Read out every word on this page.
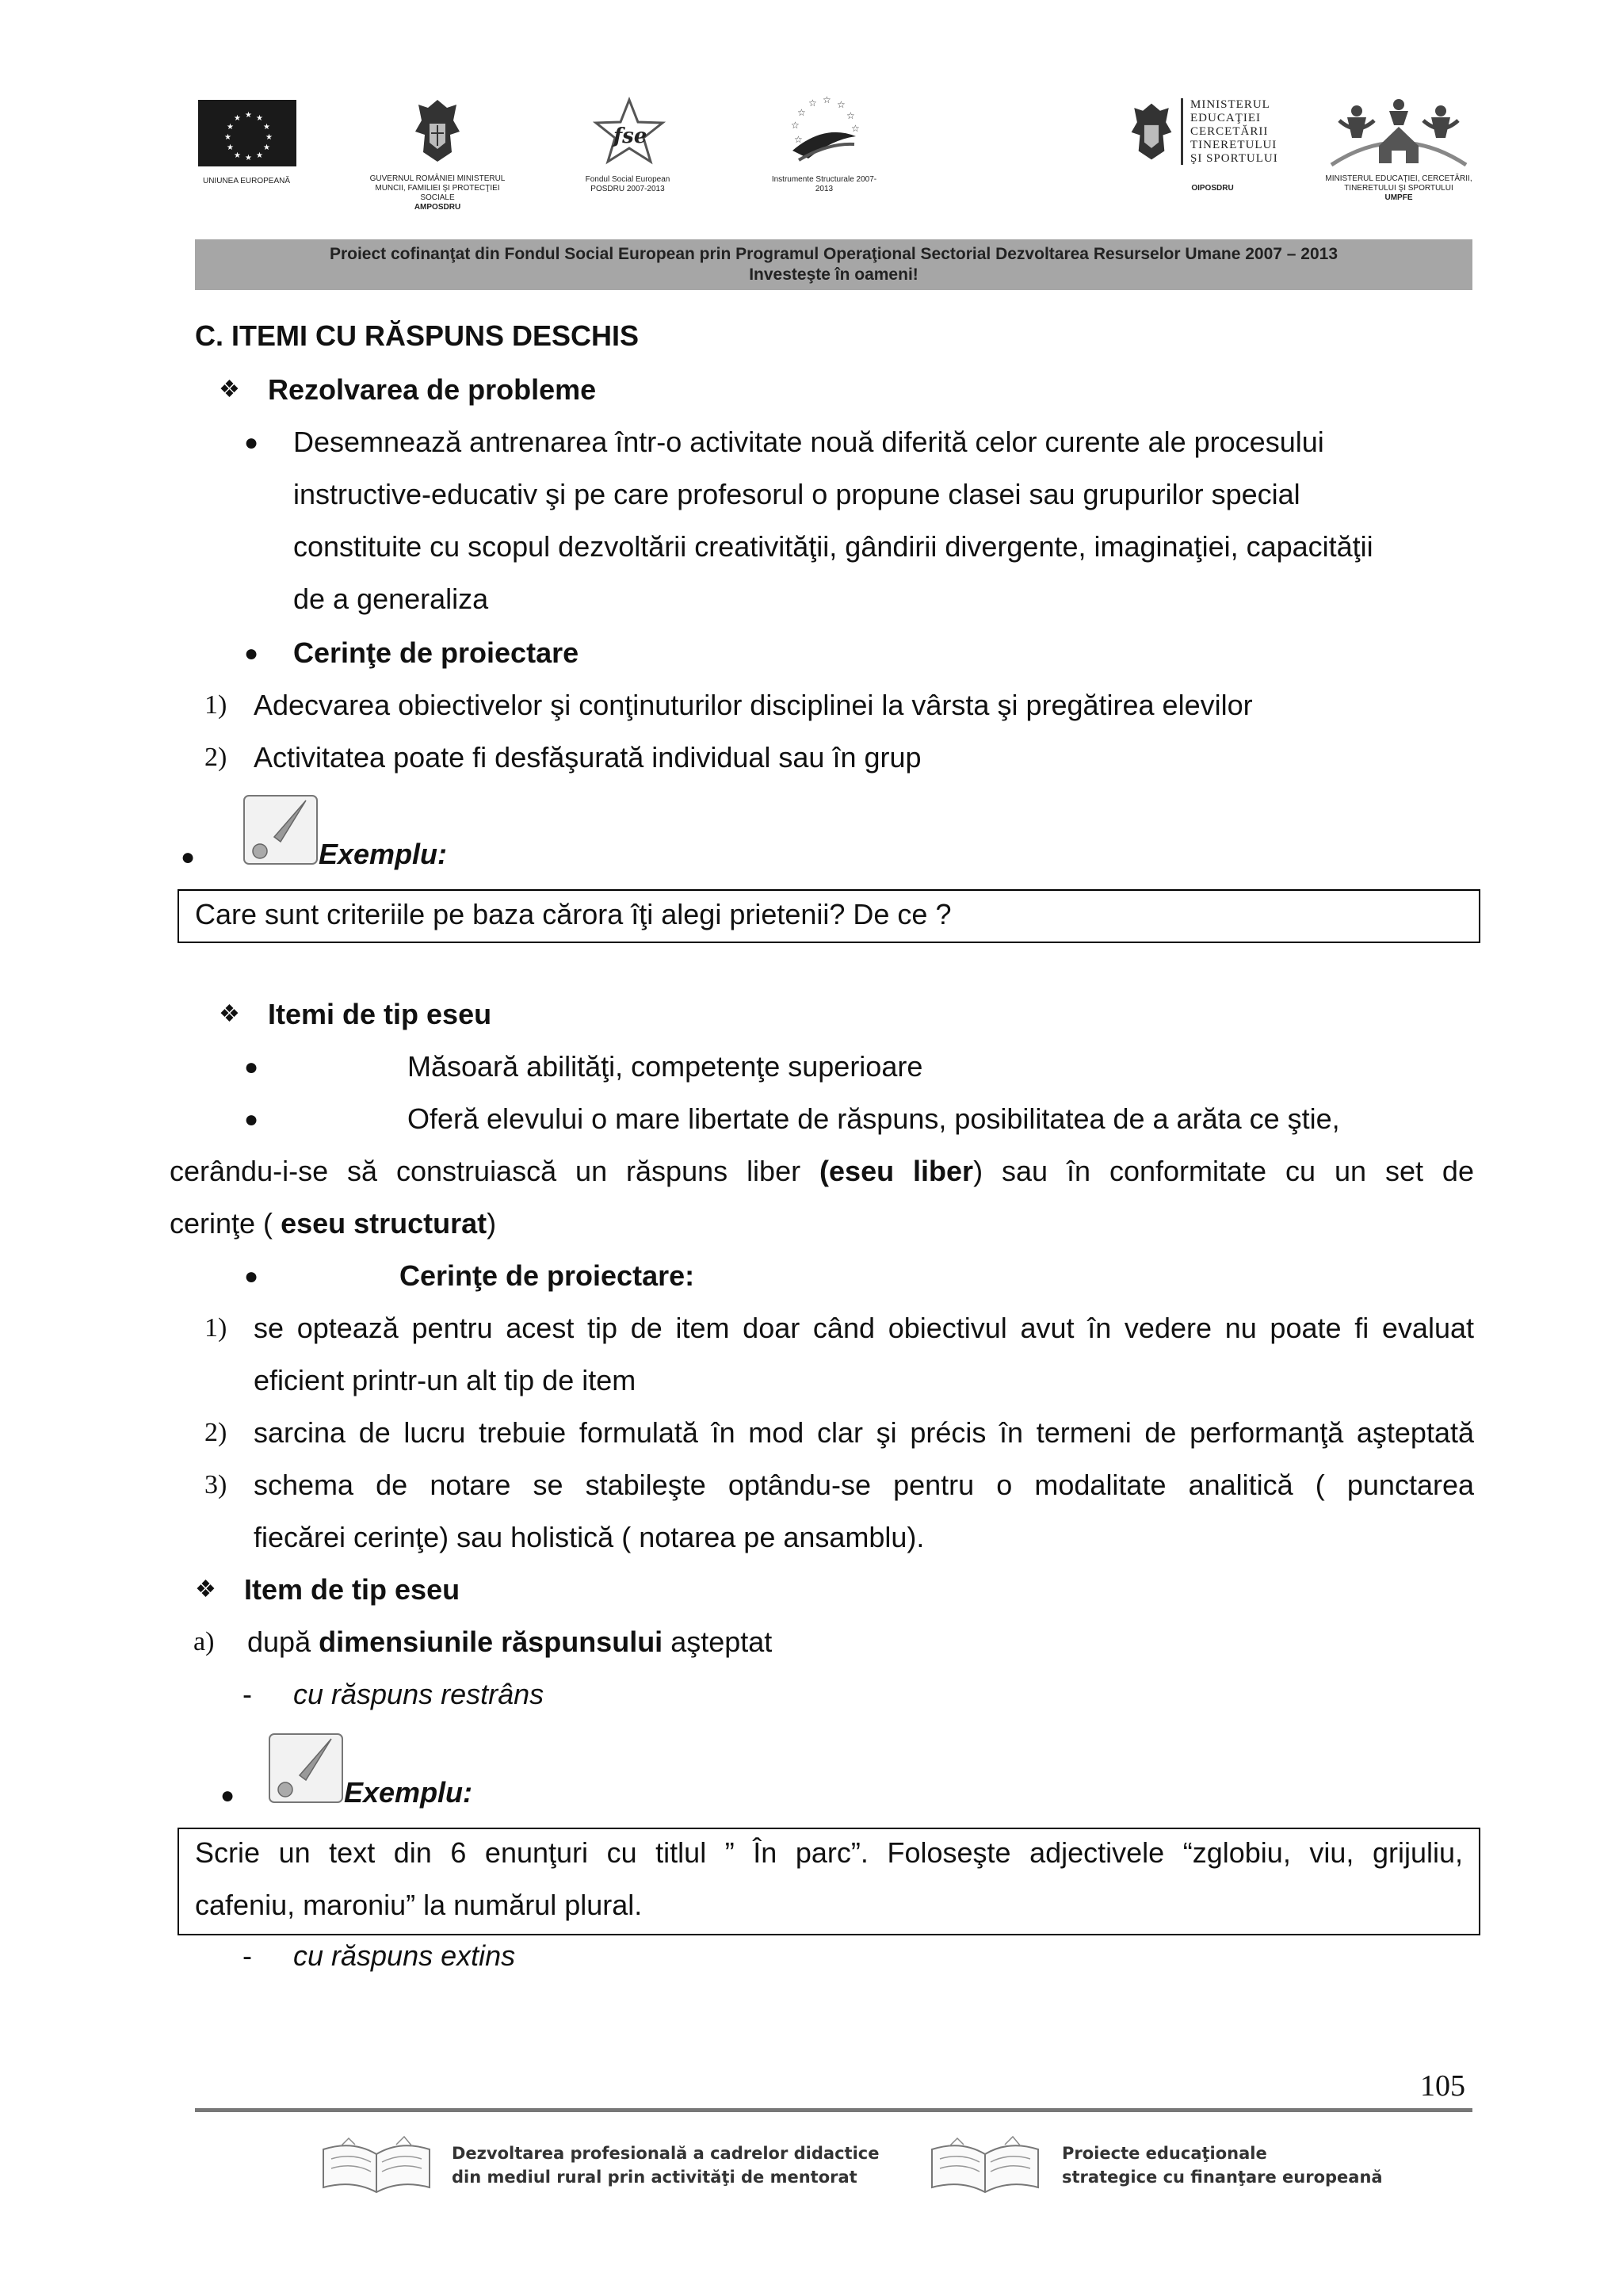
★ ★
★
★
★
★
★
★
★
★
★
★
UNIUNEA EUROPEANĂ	GUVERNUL ROMÂNIEI MINISTERUL MUNCII, FAMILIEI ŞI PROTECŢIEI SOCIALE
AMPOSDRU
fse
Fondul Social European POSDRU 2007-2013
☆ ☆ ☆
☆
☆
☆	☆
☆
Instrumente Structurale 2007-2013
MINISTERUL
EDUCAŢIEI
CERCETĂRII
TINERETULUI
ŞI SPORTULUI
OIPOSDRU
MINISTERUL EDUCAŢIEI, CERCETĂRII, TINERETULUI ŞI SPORTULUI
UMPFE
Proiect cofinanţat din Fondul Social European prin Programul Operaţional Sectorial Dezvoltarea Resurselor Umane 2007 – 2013
Investeşte în oameni!
C. ITEMI CU RĂSPUNS DESCHIS
❖ Rezolvarea de probleme
● Desemnează antrenarea într-o activitate nouă diferită celor curente ale procesului
instructive-educativ şi pe care profesorul o propune clasei sau grupurilor special
constituite cu scopul dezvoltării creativităţii, gândirii divergente, imaginaţiei, capacităţii
de a generaliza
● Cerinţe de proiectare
1) Adecvarea obiectivelor şi conţinuturilor disciplinei la vârsta şi pregătirea elevilor
2) Activitatea poate fi desfăşurată individual sau în grup
●	Exemplu:
Care sunt criteriile pe baza cărora îţi alegi prietenii? De ce ?
❖ Itemi de tip eseu
●	Măsoară abilităţi, competenţe superioare
●	Oferă elevului o mare libertate de răspuns, posibilitatea de a arăta ce ştie,
cerându-i-se să construiască un răspuns liber (eseu liber) sau în conformitate cu un set de
cerinţe ( eseu structurat)
●	Cerinţe de proiectare:
1) se optează pentru acest tip de item doar când obiectivul avut în vedere nu poate fi evaluat
eficient printr-un alt tip de item
2) sarcina de lucru trebuie formulată în mod clar şi précis în termeni de performanţă aşteptată
3) schema de notare se stabileşte optându-se pentru o modalitate analitică ( punctarea
fiecărei cerinţe) sau holistică ( notarea pe ansamblu).
❖ Item de tip eseu
a) după dimensiunile răspunsului aşteptat
- cu răspuns restrâns
●	Exemplu:
Scrie un text din 6 enunţuri cu titlul ” În parc”. Foloseşte adjectivele “zglobiu, viu, grijuliu,
cafeniu, maroniu” la numărul plural.
- cu răspuns extins
105
Dezvoltarea profesională a cadrelor didactice
din mediul rural prin activităţi de mentorat
Proiecte educaţionale
strategice cu finanţare europeană
